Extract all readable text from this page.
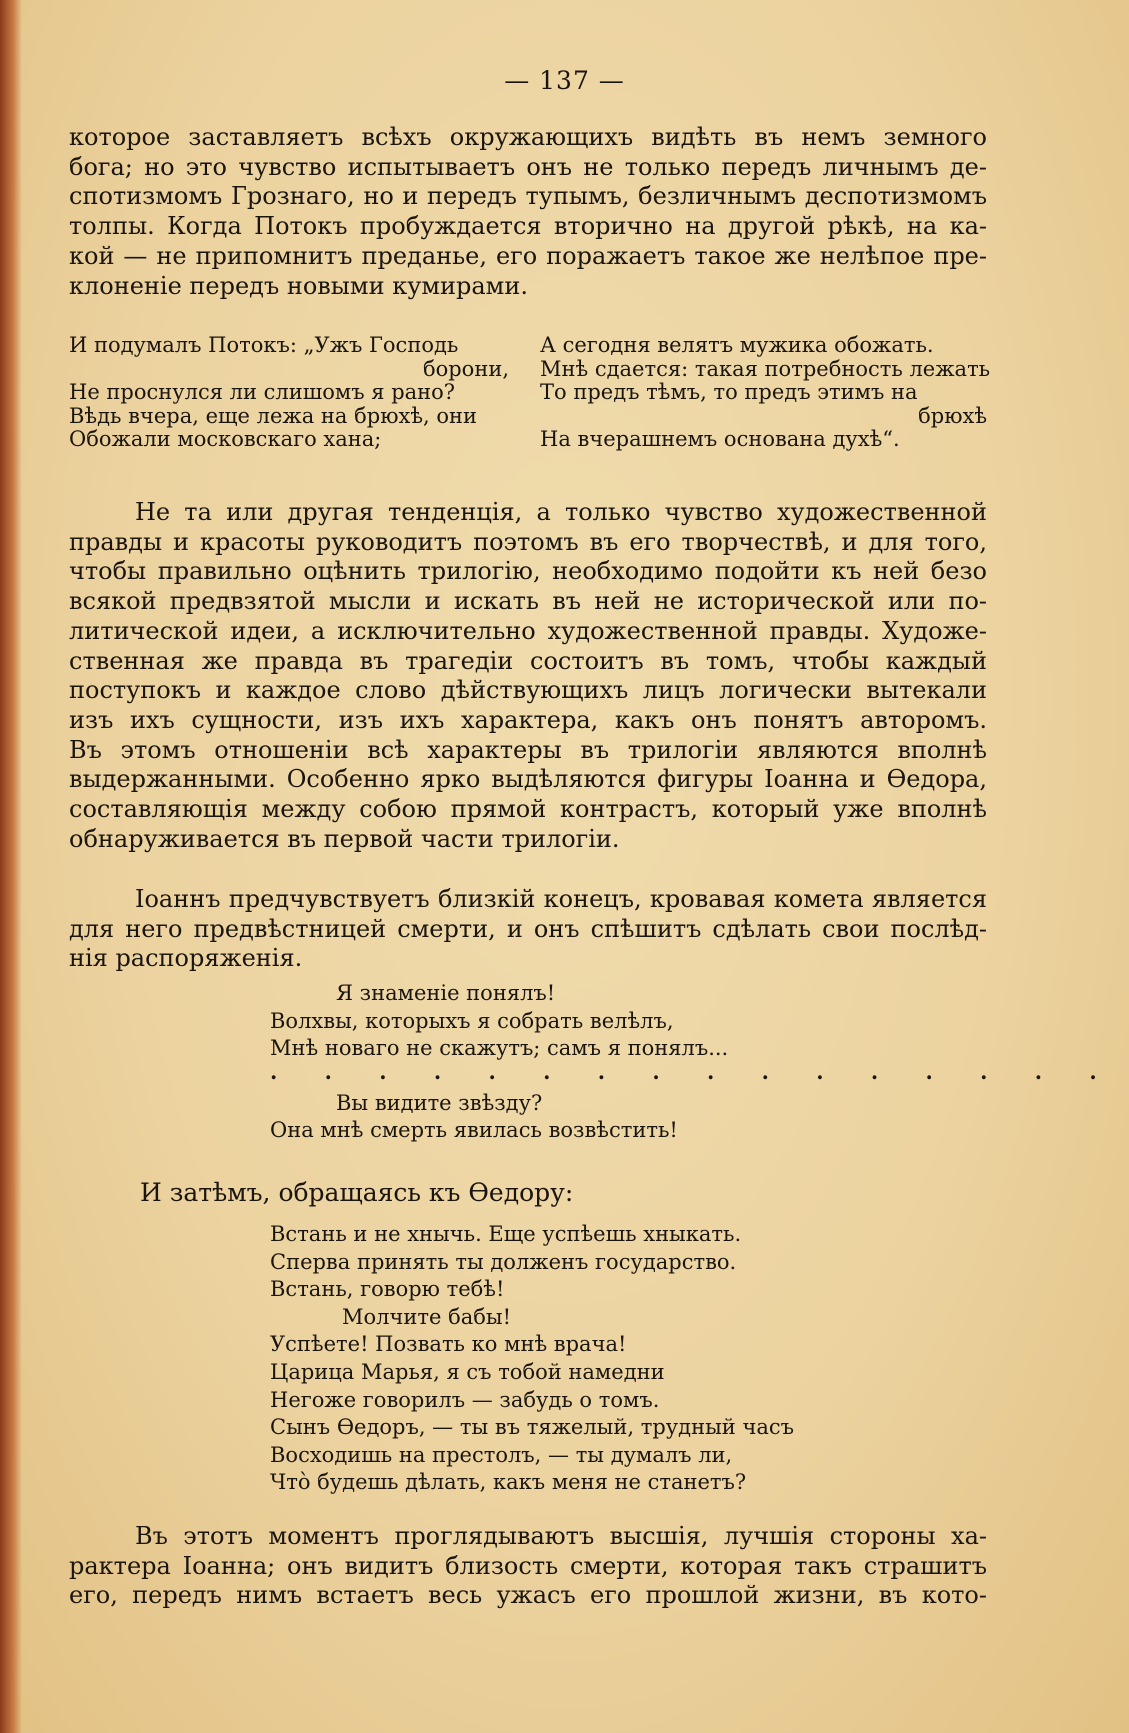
— 137 —

которое заставляетъ всѣхъ окружающихъ видѣть въ немъ земного

бога; но это чувство испытываетъ онъ не только передъ личнымъ де-

спотизмомъ Грознаго, но и передъ тупымъ, безличнымъ деспотизмомъ

толпы. Когда Потокъ пробуждается вторично на другой рѣкѣ, на ка-

кой — не припомнитъ преданье, его поражаетъ такое же нелѣпое пре-

клоненіе передъ новыми кумирами.

И подумалъ Потокъ: „Ужъ Господь
борони,
Не проснулся ли слишомъ я рано?
Вѣдь вчера, еще лежа на брюхѣ, они
Обожали московскаго хана;
А сегодня велятъ мужика обожать.
Мнѣ сдается: такая потребность лежать
То предъ тѣмъ, то предъ этимъ на
брюхѣ
На вчерашнемъ основана духѣ“.

Не та или другая тенденція, а только чувство художественной

правды и красоты руководитъ поэтомъ въ его творчествѣ, и для того,

чтобы правильно оцѣнить трилогію, необходимо подойти къ ней безо

всякой предвзятой мысли и искать въ ней не исторической или по-

литической идеи, а исключительно художественной правды. Художе-

ственная же правда въ трагедіи состоитъ въ томъ, чтобы каждый

поступокъ и каждое слово дѣйствующихъ лицъ логически вытекали

изъ ихъ сущности, изъ ихъ характера, какъ онъ понятъ авторомъ.

Въ этомъ отношеніи всѣ характеры въ трилогіи являются вполнѣ

выдержанными. Особенно ярко выдѣляются фигуры Іоанна и Ѳедора,

составляющія между собою прямой контрастъ, который уже вполнѣ

обнаруживается въ первой части трилогіи.

Іоаннъ предчувствуетъ близкій конецъ, кровавая комета является

для него предвѣстницей смерти, и онъ спѣшитъ сдѣлать свои послѣд-

нія распоряженія.

Я знаменіе понялъ!
Волхвы, которыхъ я собрать велѣлъ,
Мнѣ новаго не скажутъ; самъ я понялъ...
. . . . . . . . . . . . . . . .
Вы видите звѣзду?
Она мнѣ смерть явилась возвѣстить!
И затѣмъ, обращаясь къ Ѳедору:
Встань и не хнычь. Еще успѣешь хныкать.
Сперва принять ты долженъ государство.
Встань, говорю тебѣ!
Молчите бабы!
Успѣете! Позвать ко мнѣ врача!
Царица Марья, я съ тобой намедни
Негоже говорилъ — забудь о томъ.
Сынъ Ѳедоръ, — ты въ тяжелый, трудный часъ
Восходишь на престолъ, — ты думалъ ли,
Что̀ будешь дѣлать, какъ меня не станетъ?

Въ этотъ моментъ проглядываютъ высшія, лучшія стороны ха-

рактера Іоанна; онъ видитъ близость смерти, которая такъ страшитъ

его, передъ нимъ встаетъ весь ужасъ его прошлой жизни, въ кото-
